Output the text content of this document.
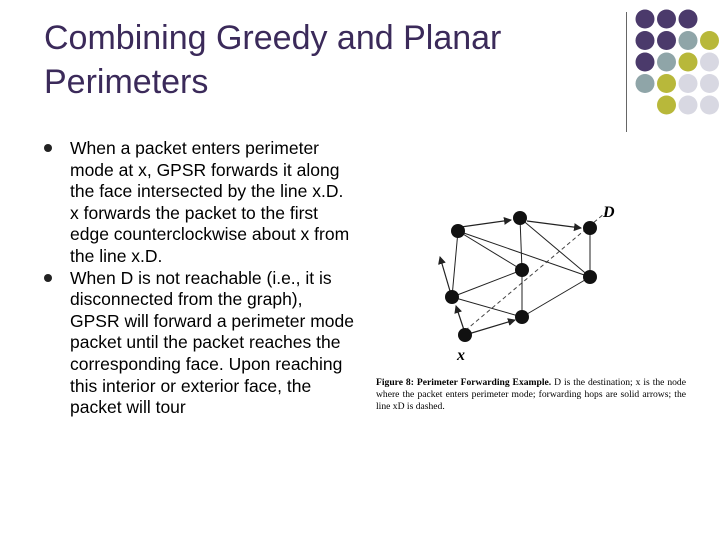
Combining Greedy and Planar
Perimeters
When a packet enters perimeter mode at x, GPSR forwards it along the face intersected by the line x.D. x forwards the packet to the first edge counterclockwise about x from the line x.D.
When D is not reachable (i.e., it is disconnected from the graph), GPSR will forward a perimeter mode packet until the packet reaches the corresponding face. Upon reaching this interior or exterior face, the packet will tour
D
x
Figure 8: Perimeter Forwarding Example. D is the destination; x is the node where the packet enters perimeter mode; forwarding hops are solid arrows; the line xD is dashed.
